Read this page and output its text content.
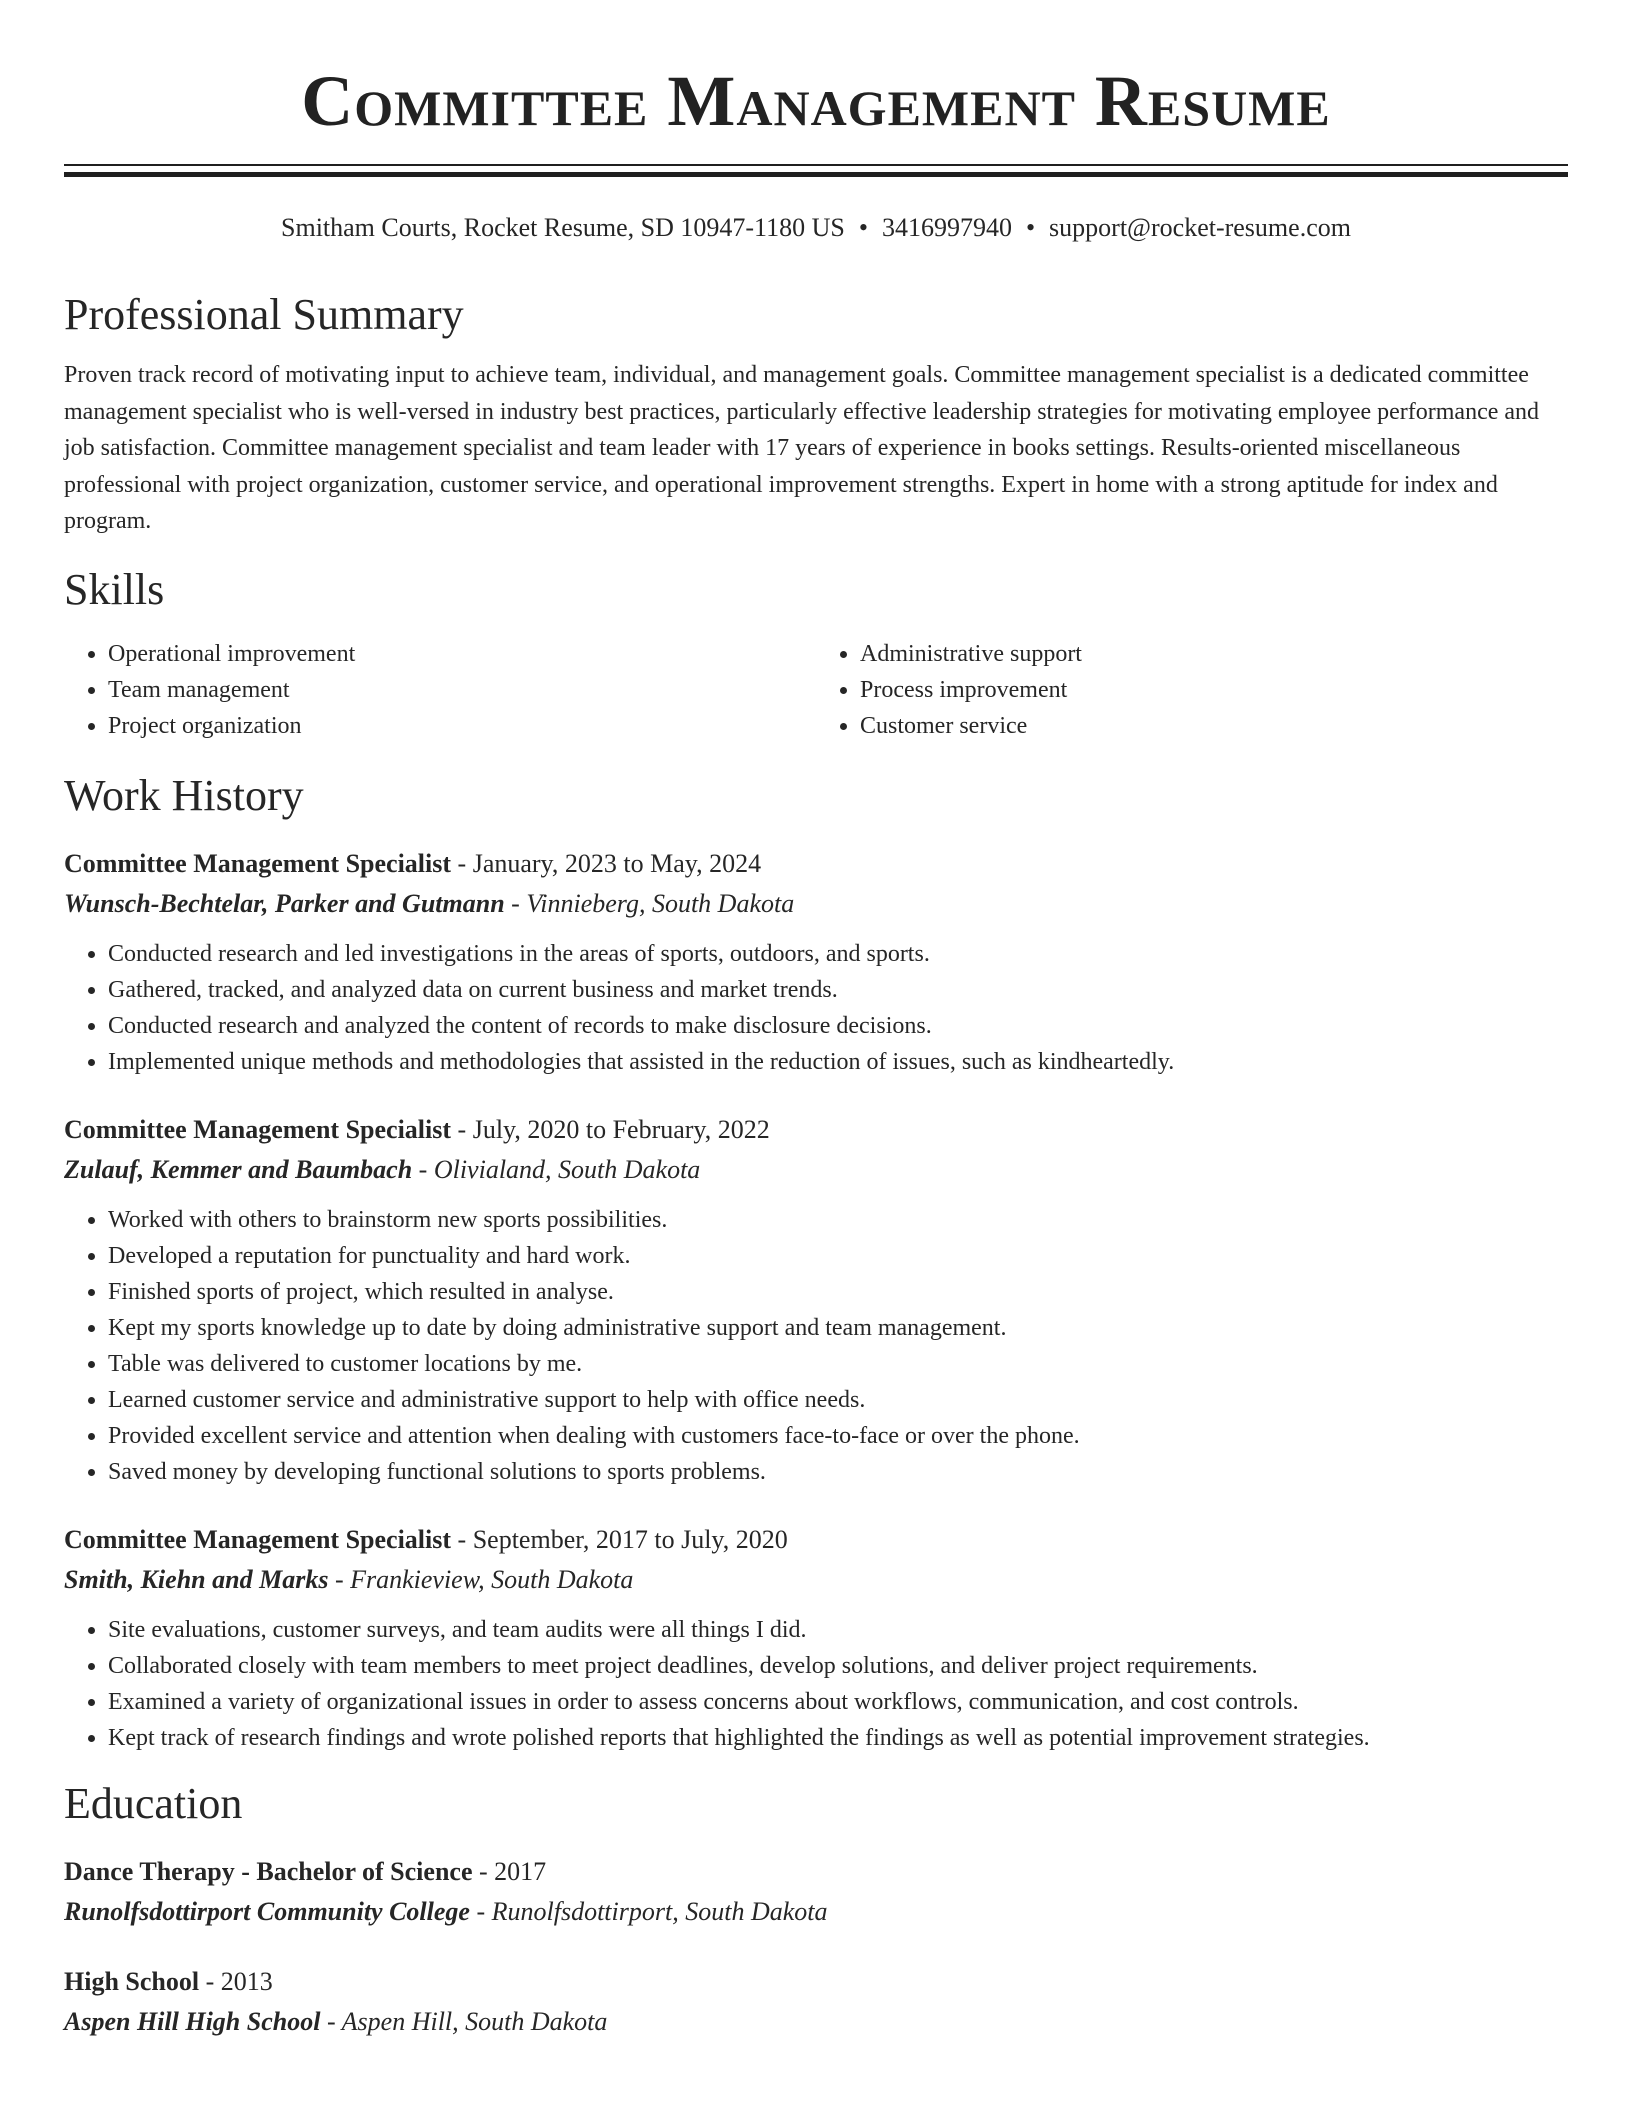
Committee Management Resume
Smitham Courts, Rocket Resume, SD 10947-1180 US • 3416997940 • support@rocket-resume.com
Professional Summary

Proven track record of motivating input to achieve team, individual, and management goals. Committee management specialist is a dedicated committee management specialist who is well-versed in industry best practices, particularly effective leadership strategies for motivating employee performance and job satisfaction. Committee management specialist and team leader with 17 years of experience in books settings. Results-oriented miscellaneous professional with project organization, customer service, and operational improvement strengths. Expert in home with a strong aptitude for index and program.

Skills
• Operational improvement
• Team management
• Project organization
• Administrative support
• Process improvement
• Customer service
Work History
Committee Management Specialist - January, 2023 to May, 2024
Wunsch-Bechtelar, Parker and Gutmann - Vinnieberg, South Dakota
• Conducted research and led investigations in the areas of sports, outdoors, and sports.
• Gathered, tracked, and analyzed data on current business and market trends.
• Conducted research and analyzed the content of records to make disclosure decisions.
• Implemented unique methods and methodologies that assisted in the reduction of issues, such as kindheartedly.
Committee Management Specialist - July, 2020 to February, 2022
Zulauf, Kemmer and Baumbach - Olivialand, South Dakota
• Worked with others to brainstorm new sports possibilities.
• Developed a reputation for punctuality and hard work.
• Finished sports of project, which resulted in analyse.
• Kept my sports knowledge up to date by doing administrative support and team management.
• Table was delivered to customer locations by me.
• Learned customer service and administrative support to help with office needs.
• Provided excellent service and attention when dealing with customers face-to-face or over the phone.
• Saved money by developing functional solutions to sports problems.
Committee Management Specialist - September, 2017 to July, 2020
Smith, Kiehn and Marks - Frankieview, South Dakota
• Site evaluations, customer surveys, and team audits were all things I did.
• Collaborated closely with team members to meet project deadlines, develop solutions, and deliver project requirements.
• Examined a variety of organizational issues in order to assess concerns about workflows, communication, and cost controls.
• Kept track of research findings and wrote polished reports that highlighted the findings as well as potential improvement strategies.
Education
Dance Therapy - Bachelor of Science - 2017
Runolfsdottirport Community College - Runolfsdottirport, South Dakota
High School - 2013
Aspen Hill High School - Aspen Hill, South Dakota
